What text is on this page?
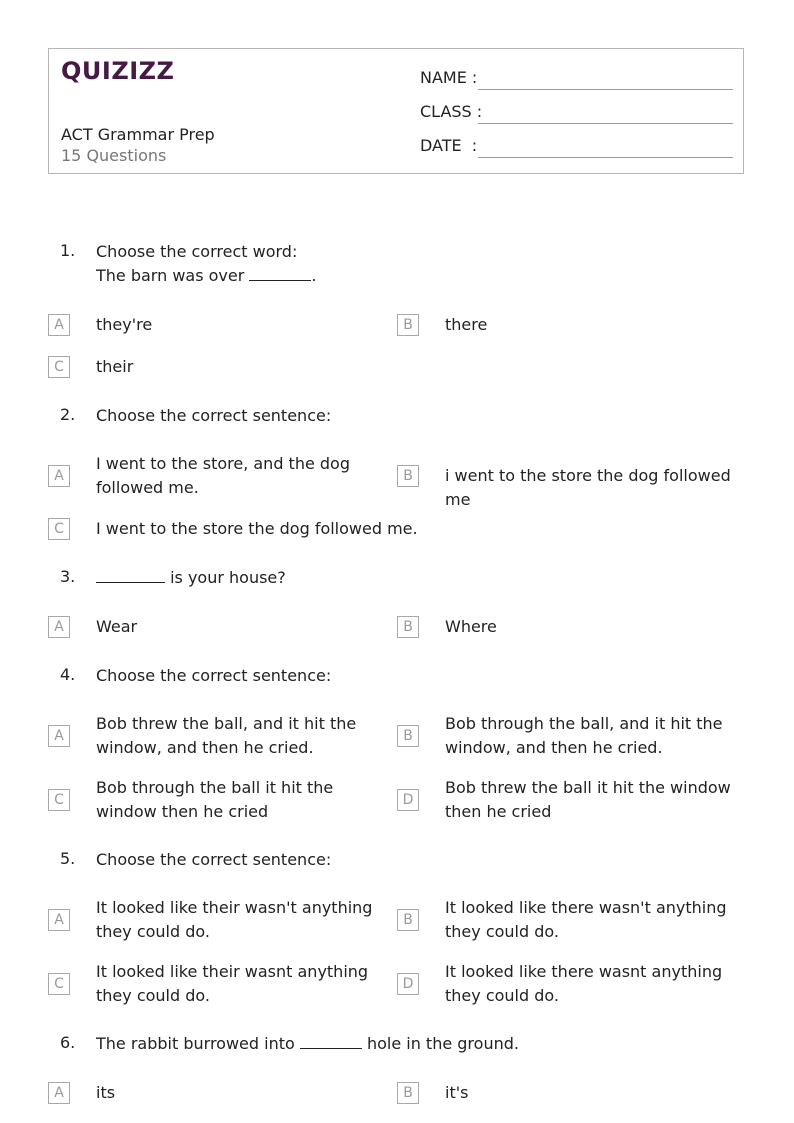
QUIZIZZ
ACT Grammar Prep
15 Questions
NAME :
CLASS :
DATE  :
1. Choose the correct word:
The barn was over	.
A	they're	B	there
C	their
2. Choose the correct sentence:
A
I went to the store, and the dog followed me.
B	i went to the store the dog followed me
C	I went to the store the dog followed me.
3.	is your house?
A	Wear	B	Where
4. Choose the correct sentence:
A
Bob threw the ball, and it hit the window, and then he cried.
B
Bob through the ball, and it hit the window, and then he cried.
C
Bob through the ball it hit the window then he cried
D
Bob threw the ball it hit the window then he cried
5. Choose the correct sentence:
A
It looked like their wasn't anything they could do.
B
It looked like there wasn't anything they could do.
C
It looked like their wasnt anything they could do.
D
It looked like there wasnt anything they could do.
6. The rabbit burrowed into	hole in the ground.
A	its	B	it's
